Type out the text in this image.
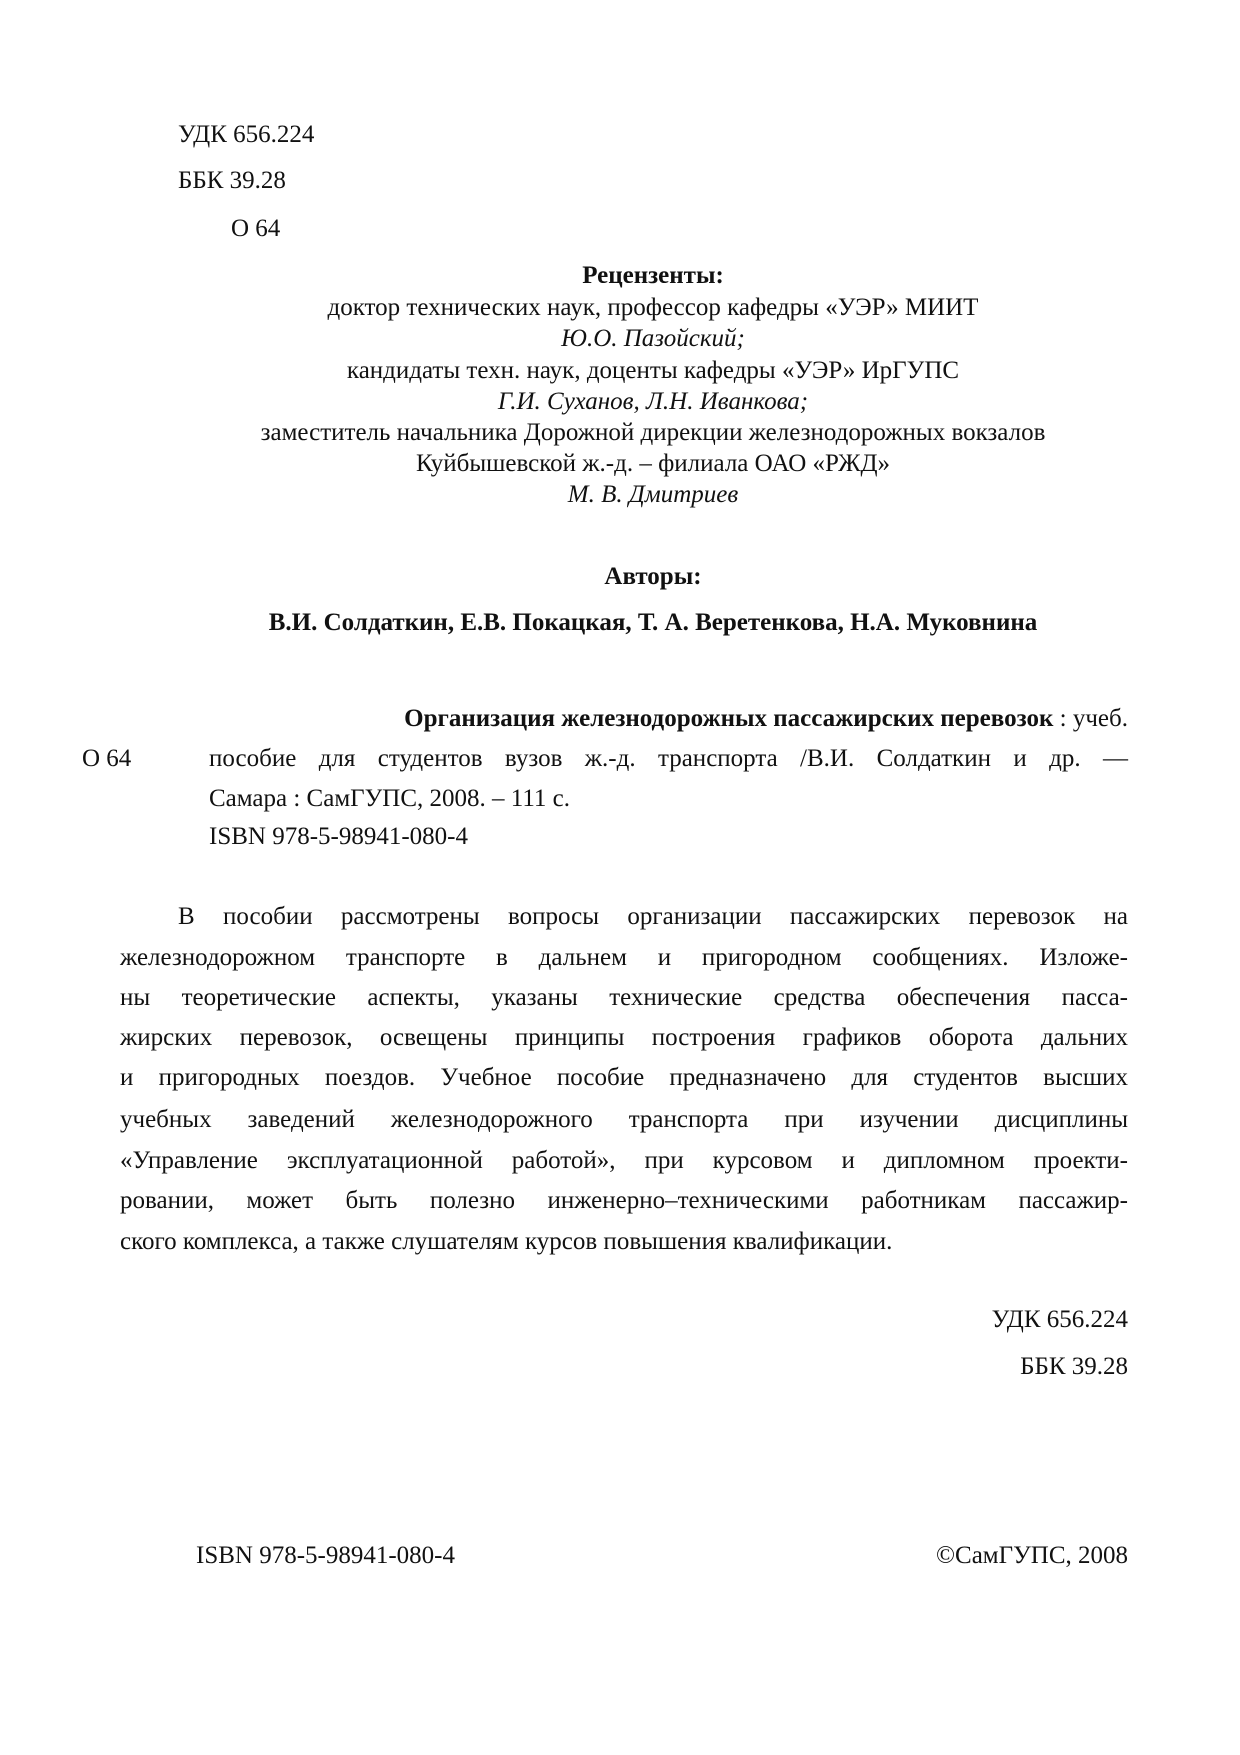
УДК 656.224
ББК 39.28
О 64
Рецензенты:
доктор технических наук, профессор кафедры «УЭР» МИИТ
Ю.О. Пазойский;
кандидаты техн. наук, доценты кафедры «УЭР» ИрГУПС
Г.И. Суханов, Л.Н. Иванкова;
заместитель начальника Дорожной дирекции железнодорожных вокзалов
Куйбышевской ж.-д. – филиала ОАО «РЖД»
М. В. Дмитриев
Авторы:
В.И. Солдаткин, Е.В. Покацкая, Т. А. Веретенкова, Н.А. Муковнина
О 64
Организация железнодорожных пассажирских перевозок : учеб.
пособие для студентов вузов ж.-д. транспорта /В.И. Солдаткин и др. —
Самара : СамГУПС, 2008. – 111 с.
ISBN 978-5-98941-080-4
В пособии рассмотрены вопросы организации пассажирских перевозок на
железнодорожном транспорте в дальнем и пригородном сообщениях. Изложе-
ны теоретические аспекты, указаны технические средства обеспечения пасса-
жирских перевозок, освещены принципы построения графиков оборота дальних
и пригородных поездов. Учебное пособие предназначено для студентов высших
учебных заведений железнодорожного транспорта при изучении дисциплины
«Управление эксплуатационной работой», при курсовом и дипломном проекти-
ровании, может быть полезно инженерно–техническими работникам пассажир-
ского комплекса, а также слушателям курсов повышения квалификации.
УДК 656.224
ББК 39.28
ISBN 978-5-98941-080-4	©СамГУПС, 2008
